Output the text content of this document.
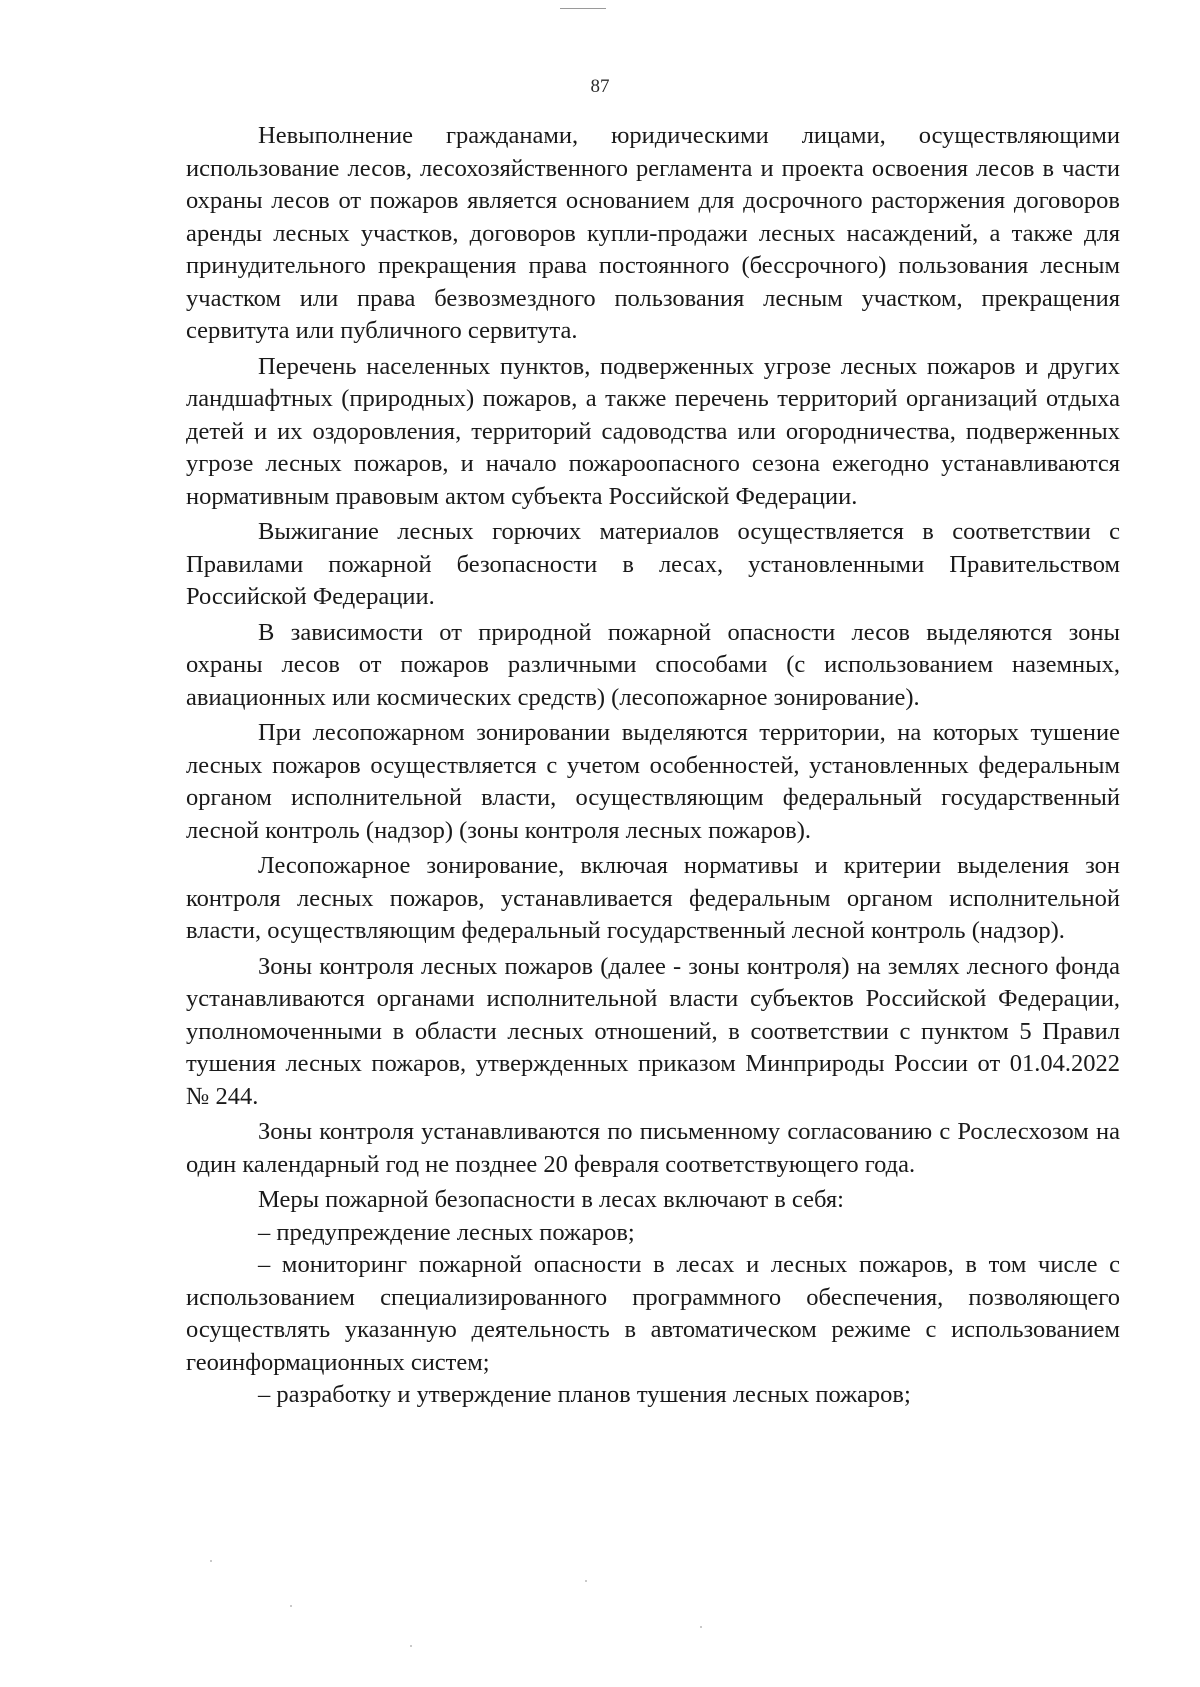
87

Невыполнение гражданами, юридическими лицами, осуществляющими использование лесов, лесохозяйственного регламента и проекта освоения лесов в части охраны лесов от пожаров является основанием для досрочного расторжения договоров аренды лесных участков, договоров купли-продажи лесных насаждений, а также для принудительного прекращения права постоянного (бессрочного) пользования лесным участком или права безвозмездного пользования лесным участком, прекращения сервитута или публичного сервитута.

Перечень населенных пунктов, подверженных угрозе лесных пожаров и других ландшафтных (природных) пожаров, а также перечень территорий организаций отдыха детей и их оздоровления, территорий садоводства или огородничества, подверженных угрозе лесных пожаров, и начало пожароопасного сезона ежегодно устанавливаются нормативным правовым актом субъекта Российской Федерации.

Выжигание лесных горючих материалов осуществляется в соответствии с Правилами пожарной безопасности в лесах, установленными Правительством Российской Федерации.

В зависимости от природной пожарной опасности лесов выделяются зоны охраны лесов от пожаров различными способами (с использованием наземных, авиационных или космических средств) (лесопожарное зонирование).

При лесопожарном зонировании выделяются территории, на которых тушение лесных пожаров осуществляется с учетом особенностей, установленных федеральным органом исполнительной власти, осуществляющим федеральный государственный лесной контроль (надзор) (зоны контроля лесных пожаров).

Лесопожарное зонирование, включая нормативы и критерии выделения зон контроля лесных пожаров, устанавливается федеральным органом исполнительной власти, осуществляющим федеральный государственный лесной контроль (надзор).

Зоны контроля лесных пожаров (далее - зоны контроля) на землях лесного фонда устанавливаются органами исполнительной власти субъектов Российской Федерации, уполномоченными в области лесных отношений, в соответствии с пунктом 5 Правил тушения лесных пожаров, утвержденных приказом Минприроды России от 01.04.2022 № 244.

Зоны контроля устанавливаются по письменному согласованию с Рослесхозом на один календарный год не позднее 20 февраля соответствующего года.

Меры пожарной безопасности в лесах включают в себя:

– предупреждение лесных пожаров;

– мониторинг пожарной опасности в лесах и лесных пожаров, в том числе с использованием специализированного программного обеспечения, позволяющего осуществлять указанную деятельность в автоматическом режиме с использованием геоинформационных систем;

– разработку и утверждение планов тушения лесных пожаров;
